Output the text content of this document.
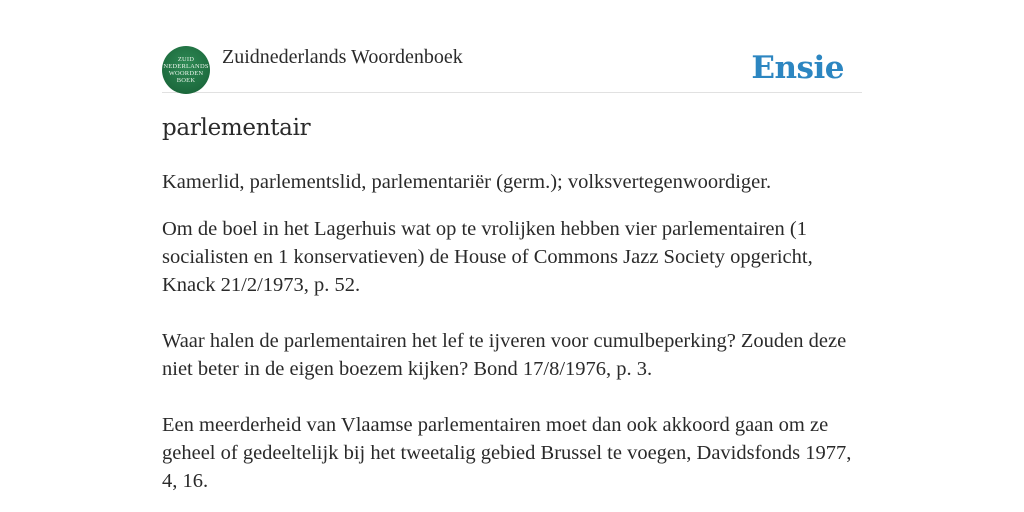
ZUID
NEDERLANDS
WOORDEN
BOEK
Zuidnederlands Woordenboek	Ensie
parlementair

Kamerlid, parlementslid, parlementariër (germ.); volksvertegenwoordiger.

Om de boel in het Lagerhuis wat op te vrolijken hebben vier parlementairen (1 socialisten en 1 konservatieven) de House of Commons Jazz Society opgericht, Knack 21/2/1973, p. 52.

Waar halen de parlementairen het lef te ijveren voor cumulbeperking? Zouden deze niet beter in de eigen boezem kijken? Bond 17/8/1976, p. 3.

Een meerderheid van Vlaamse parlementairen moet dan ook akkoord gaan om ze geheel of gedeeltelijk bij het tweetalig gebied Brussel te voegen, Davidsfonds 1977, 4, 16.
